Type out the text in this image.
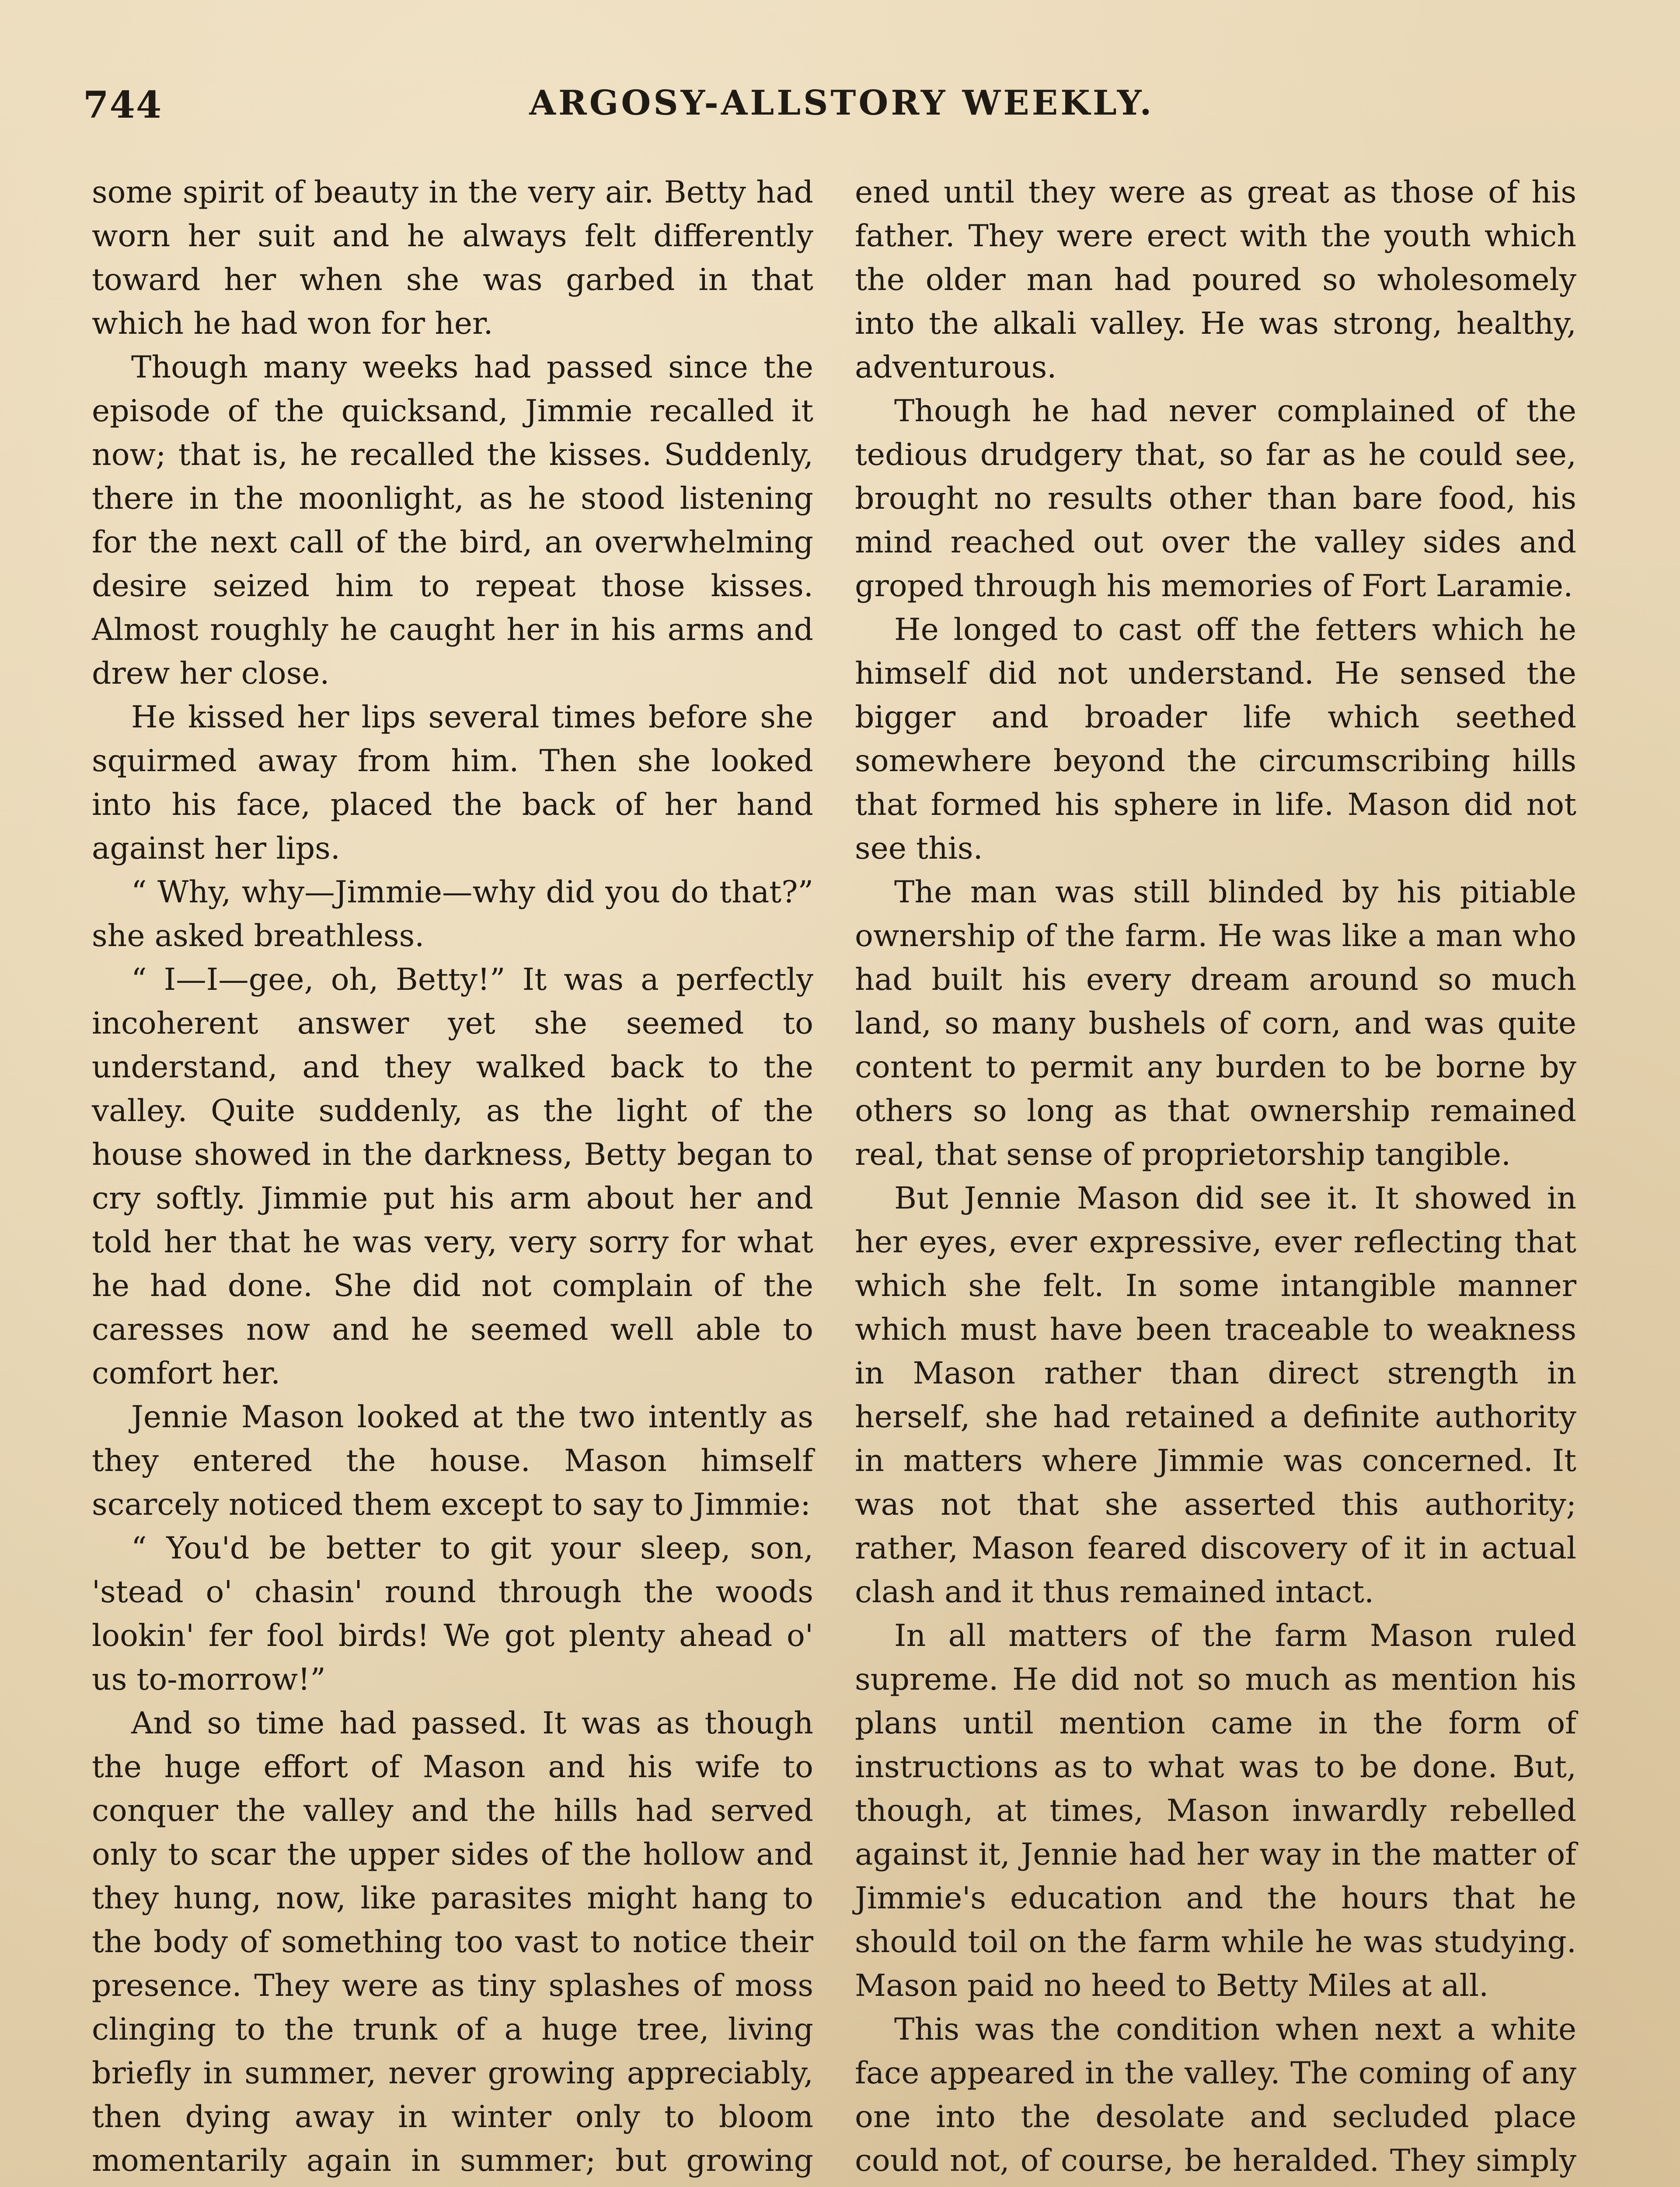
744	ARGOSY-ALLSTORY WEEKLY.

some spirit of beauty in the very air. Betty had worn her suit and he always felt differently toward her when she was garbed in that which he had won for her.

Though many weeks had passed since the episode of the quicksand, Jimmie recalled it now; that is, he recalled the kisses. Suddenly, there in the moonlight, as he stood listening for the next call of the bird, an overwhelming desire seized him to repeat those kisses. Almost roughly he caught her in his arms and drew her close.

He kissed her lips several times before she squirmed away from him. Then she looked into his face, placed the back of her hand against her lips.

“ Why, why—Jimmie—why did you do that?” she asked breathless.

“ I—I—gee, oh, Betty!” It was a perfectly incoherent answer yet she seemed to understand, and they walked back to the valley. Quite suddenly, as the light of the house showed in the darkness, Betty began to cry softly. Jimmie put his arm about her and told her that he was very, very sorry for what he had done. She did not complain of the caresses now and he seemed well able to comfort her.

Jennie Mason looked at the two intently as they entered the house. Mason himself scarcely noticed them except to say to Jimmie:

“ You'd be better to git your sleep, son, 'stead o' chasin' round through the woods lookin' fer fool birds! We got plenty ahead o' us to-morrow!”

And so time had passed. It was as though the huge effort of Mason and his wife to conquer the valley and the hills had served only to scar the upper sides of the hollow and they hung, now, like parasites might hang to the body of something too vast to notice their presence. They were as tiny splashes of moss clinging to the trunk of a huge tree, living briefly in summer, never growing appreciably, then dying away in winter only to bloom momentarily again in summer; but growing

ened until they were as great as those of his father. They were erect with the youth which the older man had poured so wholesomely into the alkali valley. He was strong, healthy, adventurous.

Though he had never complained of the tedious drudgery that, so far as he could see, brought no results other than bare food, his mind reached out over the valley sides and groped through his memories of Fort Laramie.

He longed to cast off the fetters which he himself did not understand. He sensed the bigger and broader life which seethed somewhere beyond the circumscribing hills that formed his sphere in life. Mason did not see this.

The man was still blinded by his pitiable ownership of the farm. He was like a man who had built his every dream around so much land, so many bushels of corn, and was quite content to permit any burden to be borne by others so long as that ownership remained real, that sense of proprietorship tangible.

But Jennie Mason did see it. It showed in her eyes, ever expressive, ever reflecting that which she felt. In some intangible manner which must have been traceable to weakness in Mason rather than direct strength in herself, she had retained a definite authority in matters where Jimmie was concerned. It was not that she asserted this authority; rather, Mason feared discovery of it in actual clash and it thus remained intact.

In all matters of the farm Mason ruled supreme. He did not so much as mention his plans until mention came in the form of instructions as to what was to be done. But, though, at times, Mason inwardly rebelled against it, Jennie had her way in the matter of Jimmie's education and the hours that he should toil on the farm while he was studying. Mason paid no heed to Betty Miles at all.

This was the condition when next a white face appeared in the valley. The coming of any one into the desolate and secluded place could not, of course, be heralded. They simply
